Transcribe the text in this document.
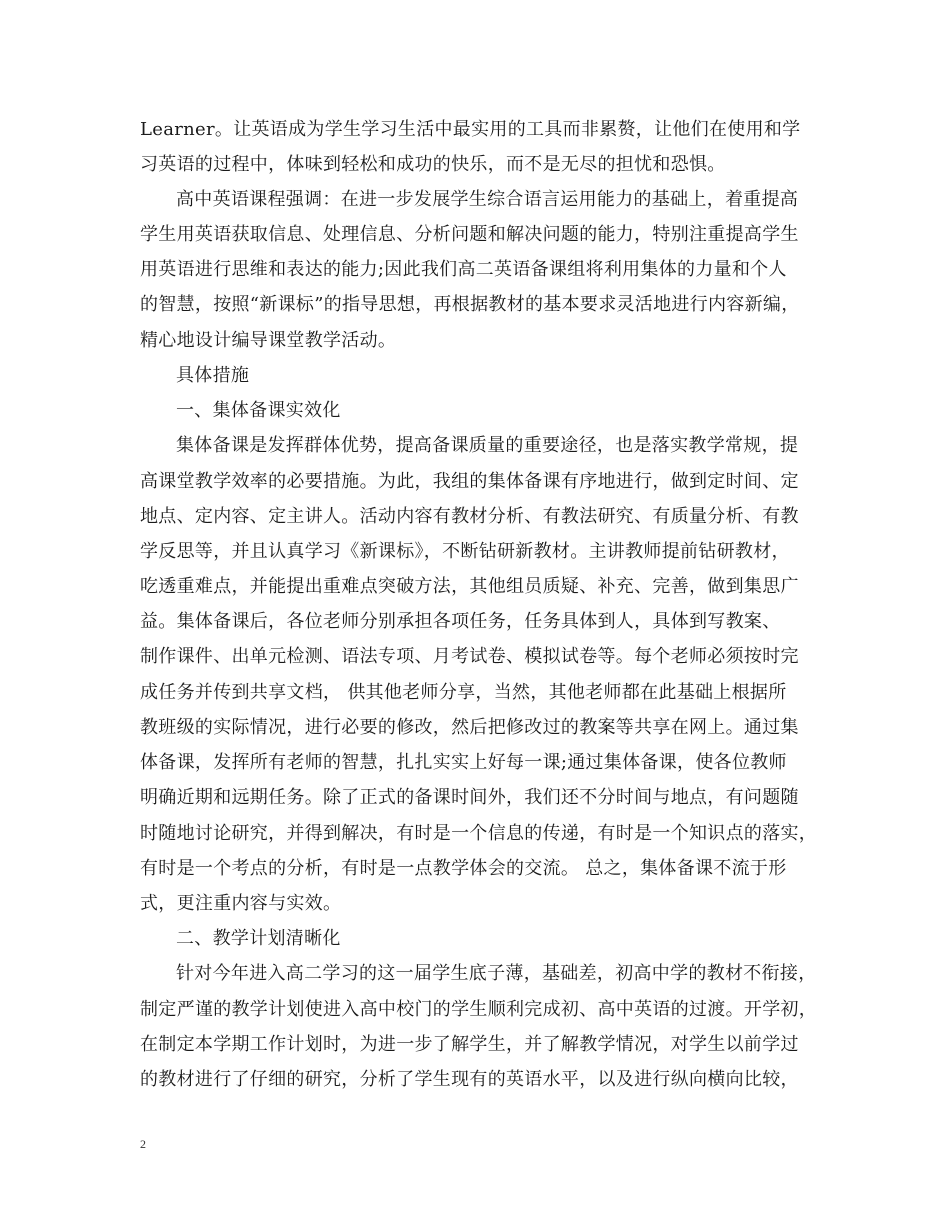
Learner。让英语成为学生学习生活中最实用的工具而非累赘，让他们在使用和学
习英语的过程中，体味到轻松和成功的快乐，而不是无尽的担忧和恐惧。
高中英语课程强调：在进一步发展学生综合语言运用能力的基础上，着重提高
学生用英语获取信息、处理信息、分析问题和解决问题的能力，特别注重提高学生
用英语进行思维和表达的能力;因此我们高二英语备课组将利用集体的力量和个人
的智慧，按照“新课标”的指导思想，再根据教材的基本要求灵活地进行内容新编，
精心地设计编导课堂教学活动。
具体措施
一、集体备课实效化
集体备课是发挥群体优势，提高备课质量的重要途径，也是落实教学常规，提
高课堂教学效率的必要措施。为此，我组的集体备课有序地进行，做到定时间、定
地点、定内容、定主讲人。活动内容有教材分析、有教法研究、有质量分析、有教
学反思等，并且认真学习《新课标》，不断钻研新教材。主讲教师提前钻研教材，
吃透重难点，并能提出重难点突破方法，其他组员质疑、补充、完善，做到集思广
益。集体备课后，各位老师分别承担各项任务，任务具体到人，具体到写教案、
制作课件、出单元检测、语法专项、月考试卷、模拟试卷等。每个老师必须按时完
成任务并传到共享文档， 供其他老师分享，当然，其他老师都在此基础上根据所
教班级的实际情况，进行必要的修改，然后把修改过的教案等共享在网上。通过集
体备课，发挥所有老师的智慧，扎扎实实上好每一课;通过集体备课，使各位教师
明确近期和远期任务。除了正式的备课时间外，我们还不分时间与地点，有问题随
时随地讨论研究，并得到解决，有时是一个信息的传递，有时是一个知识点的落实，
有时是一个考点的分析，有时是一点教学体会的交流。 总之，集体备课不流于形
式，更注重内容与实效。
二、教学计划清晰化
针对今年进入高二学习的这一届学生底子薄，基础差，初高中学的教材不衔接，
制定严谨的教学计划使进入高中校门的学生顺利完成初、高中英语的过渡。开学初，
在制定本学期工作计划时，为进一步了解学生，并了解教学情况，对学生以前学过
的教材进行了仔细的研究，分析了学生现有的英语水平，以及进行纵向横向比较，
2
